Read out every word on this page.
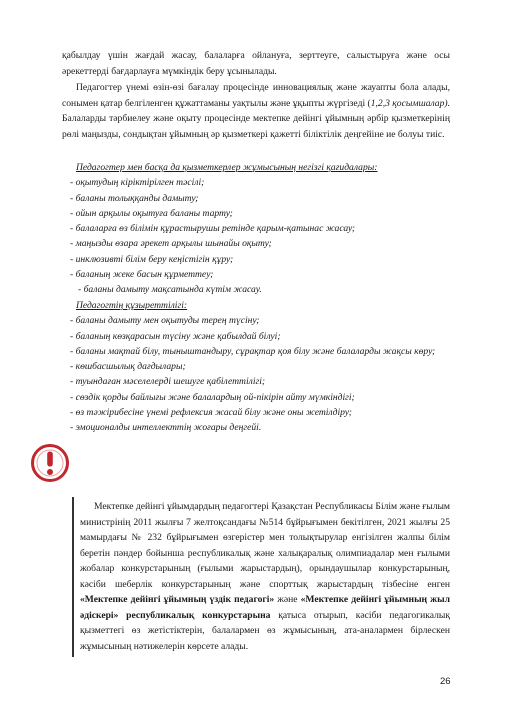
қабылдау үшін жағдай жасау, балаларға ойлануға, зерттеуге, салыстыруға және осы әрекеттерді бағдарлауға мүмкіндік беру ұсынылады.

Педагогтер үнемі өзін-өзі бағалау процесінде инновациялық және жауапты бола алады, сонымен қатар белгіленген құжаттаманы уақтылы және ұқыпты жүргізеді (1,2,3 қосымшалар). Балаларды тәрбиелеу және оқыту процесінде мектепке дейінгі ұйымның әрбір қызметкерінің рөлі маңызды, сондықтан ұйымның әр қызметкері қажетті біліктілік деңгейіне ие болуы тиіс.

Педагогтер мен басқа да қызметкерлер жұмысының негізгі қағидалары:
- оқытудың кіріктірілген тәсілі;
- баланы толыққанды дамыту;
- ойын арқылы оқытуға баланы тарту;
- балаларға өз білімін құрастырушы ретінде қарым-қатынас жасау;
- маңызды өзара әрекет арқылы шынайы оқыту;
- инклюзивті білім беру кеңістігін құру;
- баланың жеке басын құрметтеу;
- баланы дамыту мақсатында күтім жасау.
Педагогтің құзыреттілігі:
- баланы дамыту мен оқытуды терең түсіну;
- баланың көзқарасын түсіну және қабылдай білуі;
- баланы мақтай білу, тыныштандыру, сұрақтар қоя білу және балаларды жақсы көру;
- көшбасшылық дағдылары;
- туындаған мәселелерді шешуге қабілеттілігі;
- сөздік қорды байлығы және балалардың ой-пікірін айту мүмкіндігі;
- өз тәжірибесіне үнемі рефлексия жасай білу және оны жетілдіру;
- эмоционалды интеллекттің жоғары деңгейі.

Мектепке дейінгі ұйымдардың педагогтері Қазақстан Республикасы Білім және ғылым министрінің 2011 жылғы 7 желтоқсандағы №514 бұйрығымен бекітілген, 2021 жылғы 25 мамырдағы № 232 бұйрығымен өзгерістер мен толықтырулар енгізілген жалпы білім беретін пәндер бойынша республикалық және халықаралық олимпиадалар мен ғылыми жобалар конкурстарының (ғылыми жарыстардың), орындаушылар конкурстарының, кәсіби шеберлік конкурстарының және спорттық жарыстардың тізбесіне енген «Мектепке дейінгі ұйымның үздік педагогі» және «Мектепке дейінгі ұйымның жыл әдіскері» республикалық конкурстарына қатыса отырып, кәсіби педагогикалық қызметтегі өз жетістіктерін, балалармен өз жұмысының, ата-аналармен бірлескен жұмысының нәтижелерін көрсете алады.

26
